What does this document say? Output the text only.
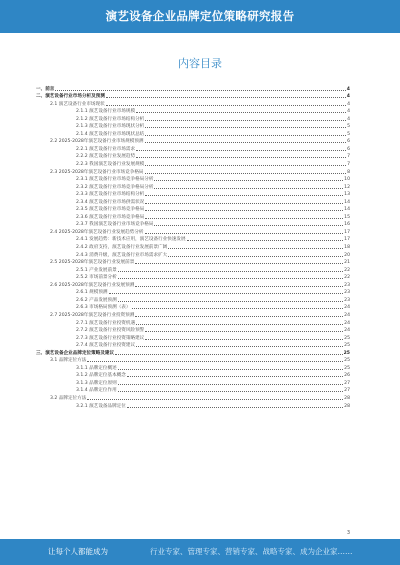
演艺设备企业品牌定位策略研究报告
内容目录
一、前言	4
二、演艺设备行业市场分析及预测	4
2.1 演艺设备行业市场现状	4
2.1.1 演艺设备行业市场规模	4
2.1.2 演艺设备行业市场结构分析	4
2.1.3 演艺设备行业市场现状分析	5
2.1.4 演艺设备行业市场现状总结	5
2.2 2025-2028年演艺设备行业市场规模预测	6
2.2.1 演艺设备行业市场需求	6
2.2.2 演艺设备行业发展趋势	7
2.2.3 我国演艺设备行业发展规模	7
2.3 2025-2028年演艺设备行业市场竞争格局	8
2.3.1 演艺设备行业市场竞争格局分析	10
2.3.2 演艺设备行业市场竞争格局分析	12
2.3.3 演艺设备行业市场结构分析	13
2.3.4 演艺设备行业市场供需状况	14
2.3.5 演艺设备行业市场竞争格局	14
2.3.6 演艺设备行业市场竞争格局	15
2.3.7 我国演艺设备行业市场竞争格局	16
2.4 2025-2028年演艺设备行业发展趋势分析	17
2.4.1 发展趋势：新技术应用，演艺设备行业快速发展	17
2.4.2 政府支持，演艺设备行业发展前景广阔	18
2.4.3 消费升级，演艺设备行业市场需求扩大	20
2.5 2025-2028年演艺设备行业发展前景	21
2.5.1 产业发展前景	22
2.5.2 市场前景分析	22
2.6 2025-2028年演艺设备行业发展预测	23
2.6.1 规模预测	23
2.6.2 产品发展预测	23
2.6.3 市场格局预测（表）	24
2.7 2025-2028年演艺设备行业投资预测	24
2.7.1 演艺设备行业投资机遇	24
2.7.2 演艺设备行业投资风险预警	24
2.7.3 演艺设备行业投资策略建议	25
2.7.4 演艺设备行业投资建议	25
三、演艺设备企业品牌定位策略及建议	25
3.1 品牌定位方法	25
3.1.1 品牌定位概述	25
3.1.2 品牌定位基本概念	26
3.1.3 品牌定位原则	27
3.1.4 品牌定位作用	27
3.2 品牌定位方法	28
3.2.1 演艺设备品牌定位	28
3
让每个人都能成为	行业专家、管理专家、营销专家、战略专家、成为企业家……
